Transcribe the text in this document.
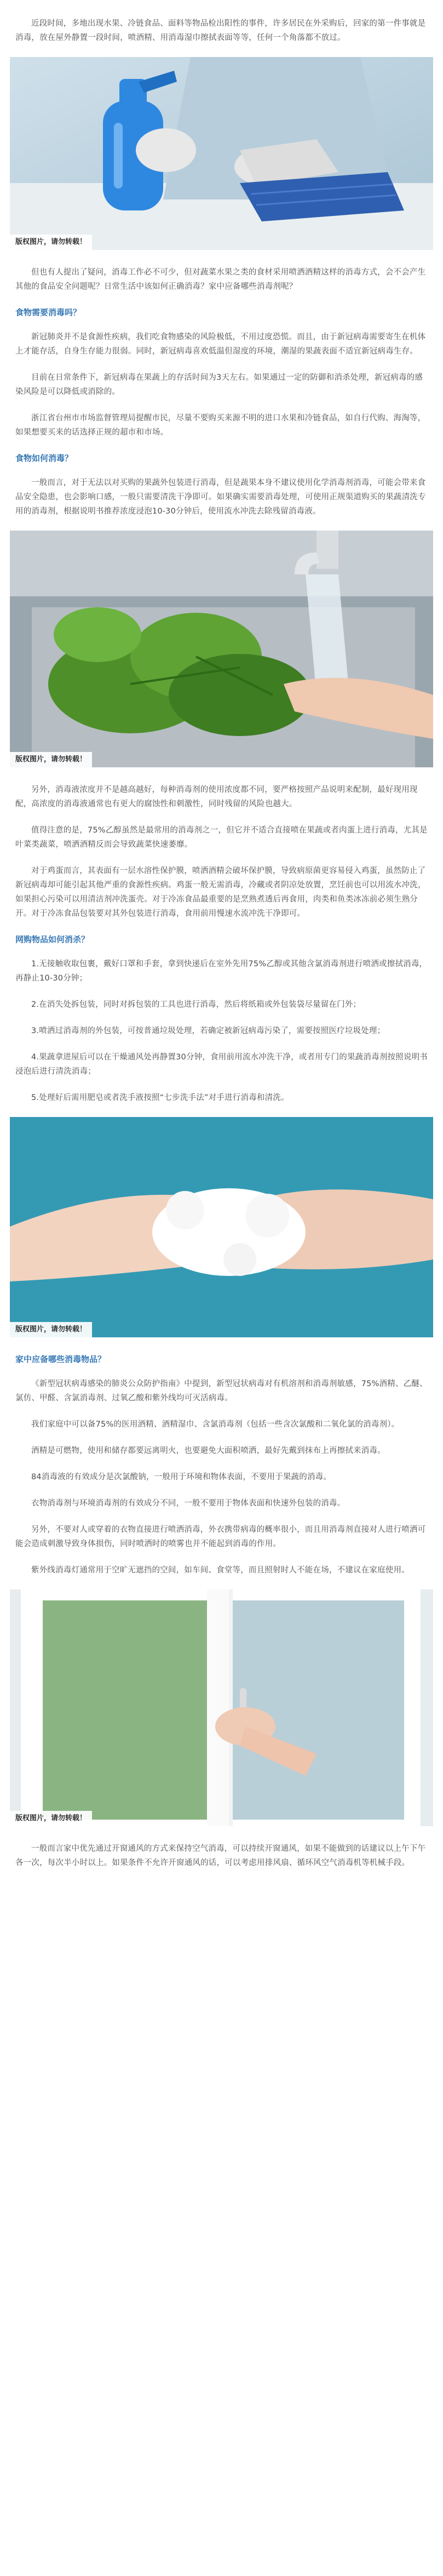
近段时间，多地出现水果、冷链食品、面料等物品检出阳性的事件，许多居民在外采购后，回家的第一件事就是消毒，放在屋外静置一段时间，喷酒精、用消毒湿巾擦拭表面等等，任何一个角落都不放过。

版权图片，请勿转载！

但也有人提出了疑问，消毒工作必不可少，但对蔬菜水果之类的食材采用喷洒酒精这样的消毒方式，会不会产生其他的食品安全问题呢？日常生活中该如何正确消毒？家中应备哪些消毒剂呢？

食物需要消毒吗？

新冠肺炎并不是食源性疾病，我们吃食物感染的风险极低，不用过度恐慌。而且，由于新冠病毒需要寄生在机体上才能存活，自身生存能力很弱。同时，新冠病毒喜欢低温但湿度的环境，潮湿的果蔬表面不适宜新冠病毒生存。

目前在日常条件下，新冠病毒在果蔬上的存活时间为3天左右。如果通过一定的防御和消杀处理，新冠病毒的感染风险是可以降低或消除的。

浙江省台州市市场监督管理局提醒市民，尽量不要购买来源不明的进口水果和冷链食品，如自行代购、海淘等，如果想要买来的话选择正规的超市和市场。

食物如何消毒？

一般而言，对于无法以对买购的果蔬外包装进行消毒，但是蔬果本身不建议使用化学消毒剂消毒，可能会带来食品安全隐患，也会影响口感，一般只需要清洗干净即可。如果确实需要消毒处理，可使用正规渠道购买的果蔬清洗专用的消毒剂，根据说明书推荐浓度浸泡10-30分钟后，使用流水冲洗去除残留消毒液。

版权图片，请勿转载！

另外，消毒液浓度并不是越高越好，每种消毒剂的使用浓度都不同，要严格按照产品说明来配制，最好现用现配，高浓度的消毒液通常也有更大的腐蚀性和刺激性，同时残留的风险也越大。

值得注意的是，75%乙醇虽然是最常用的消毒剂之一，但它并不适合直接喷在果蔬或者肉蛋上进行消毒，尤其是叶菜类蔬菜，喷洒酒精反而会导致蔬菜快速萎靡。

对于鸡蛋而言，其表面有一层水溶性保护膜，喷洒酒精会破坏保护膜，导致病原菌更容易侵入鸡蛋，虽然防止了新冠病毒却可能引起其他严重的食源性疾病。鸡蛋一般无需消毒，冷藏或者阴凉处放置，烹饪前也可以用流水冲洗，如果担心污染可以用清洁剂冲洗蛋壳。对于冷冻食品最重要的是烹熟煮透后再食用，肉类和鱼类冰冻前必须生熟分开。对于冷冻食品包装要对其外包装进行消毒，食用前用慢速水流冲洗干净即可。

网购物品如何消杀？

1.无接触收取包裹，戴好口罩和手套，拿到快递后在室外先用75%乙醇或其他含氯消毒剂进行喷洒或擦拭消毒，再静止10-30分钟；

2.在消失处拆包装，同时对拆包装的工具也进行消毒，然后将纸箱或外包装袋尽量留在门外；

3.喷洒过消毒剂的外包装，可按普通垃圾处理，若确定被新冠病毒污染了，需要按照医疗垃圾处理；

4.果蔬拿进屋后可以在干燥通风处再静置30分钟，食用前用流水冲洗干净，或者用专门的果蔬消毒剂按照说明书浸泡后进行清洗消毒；

5.处理好后需用肥皂或者洗手液按照“七步洗手法”对手进行消毒和清洗。

版权图片，请勿转载！
家中应备哪些消毒物品？

《新型冠状病毒感染的肺炎公众防护指南》中提到，新型冠状病毒对有机溶剂和消毒剂敏感，75%酒精、乙醚、氯仿、甲醛、含氯消毒剂、过氧乙酸和紫外线均可灭活病毒。

我们家庭中可以备75%的医用酒精、酒精湿巾、含氯消毒剂（包括一些含次氯酸和二氧化氯的消毒剂）。

酒精是可燃物，使用和储存都要远离明火，也要避免大面积喷洒，最好先戴到抹布上再擦拭来消毒。

84消毒液的有效成分是次氯酸钠，一般用于环境和物体表面，不要用于果蔬的消毒。

衣物消毒剂与环境消毒剂的有效成分不同，一般不要用于物体表面和快速外包装的消毒。

另外，不要对人或穿着的衣物直接进行喷洒消毒，外衣携带病毒的概率很小，而且用消毒剂直接对人进行喷洒可能会造成刺激导致身体损伤，同时喷洒时的喷雾也并不能起到消毒的作用。

紫外线消毒灯通常用于空旷无遮挡的空间，如车间、食堂等，而且照射时人不能在场，不建议在家庭使用。

版权图片，请勿转载！

一般而言家中优先通过开窗通风的方式来保持空气消毒，可以持续开窗通风，如果不能做到的话建议以上午下午各一次，每次半小时以上。如果条件不允许开窗通风的话，可以考虑用排风扇、循环风空气消毒机等机械手段。
